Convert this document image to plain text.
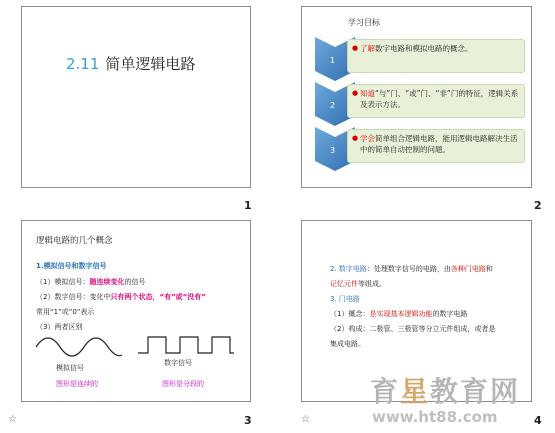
2.11 简单逻辑电路
1
学习目标
1
● 了解数字电路和模拟电路的概念。
2
● 知道“与”门、“或”门、“非”门的特征，逻辑关系及表示方法。
3
● 学会简单组合逻辑电路，能用逻辑电路解决生活中的简单自动控制的问题。
2
逻辑电路的几个概念
1.模拟信号和数字信号
（1）模拟信号：随连续变化的信号
（2）数字信号：变化中只有两个状态，“有”或“没有”
常用“1”或“0”表示
（3）两者区别
模拟信号
数字信号
图形是连续的	图形是分段的
3
☆
2. 数字电路：处理数字信号的电路，由各种门电路和
记忆元件等组成。
3. 门电路
（1）概念：是实现基本逻辑功能的数字电路
（2）构成：二极管、三极管等分立元件组成，或者是
集成电路。
4
☆
育星教育网
www.ht88.com
